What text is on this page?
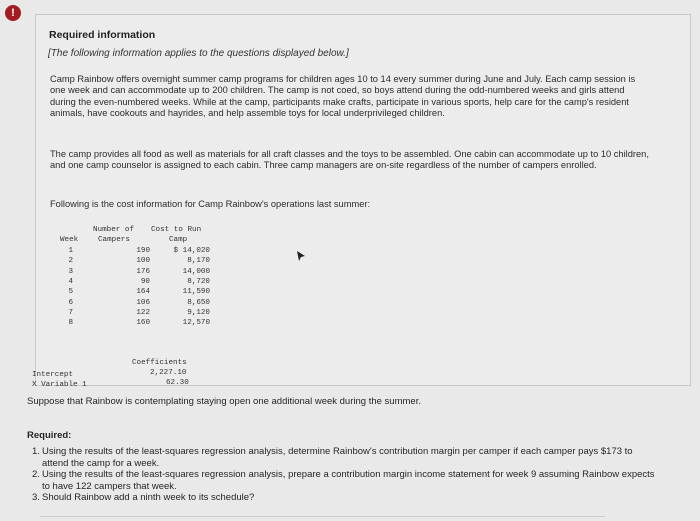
!
Required information
[The following information applies to the questions displayed below.]
Camp Rainbow offers overnight summer camp programs for children ages 10 to 14 every summer during June and July. Each camp session is one week and can accommodate up to 200 children. The camp is not coed, so boys attend during the odd-numbered weeks and girls attend during the even-numbered weeks. While at the camp, participants make crafts, participate in various sports, help care for the camp's resident animals, have cookouts and hayrides, and help assemble toys for local underprivileged children.
The camp provides all food as well as materials for all craft classes and the toys to be assembled. One cabin can accommodate up to 10 children, and one camp counselor is assigned to each cabin. Three camp managers are on-site regardless of the number of campers enrolled.
Following is the cost information for Camp Rainbow's operations last summer:
Number of Cost to Run
Week	Campers	Camp
1	190	$ 14,020
2	100	8,170
3	176	14,000
4	90	8,720
5	164	11,590
6	106	8,650
7	122	9,120
8	160	12,570
Coefficients
Intercept	2,227.10
X Variable 1	62.30
Suppose that Rainbow is contemplating staying open one additional week during the summer.
Required:
1. Using the results of the least-squares regression analysis, determine Rainbow's contribution margin per camper if each camper pays $173 to attend the camp for a week.
2. Using the results of the least-squares regression analysis, prepare a contribution margin income statement for week 9 assuming Rainbow expects to have 122 campers that week.
3. Should Rainbow add a ninth week to its schedule?
